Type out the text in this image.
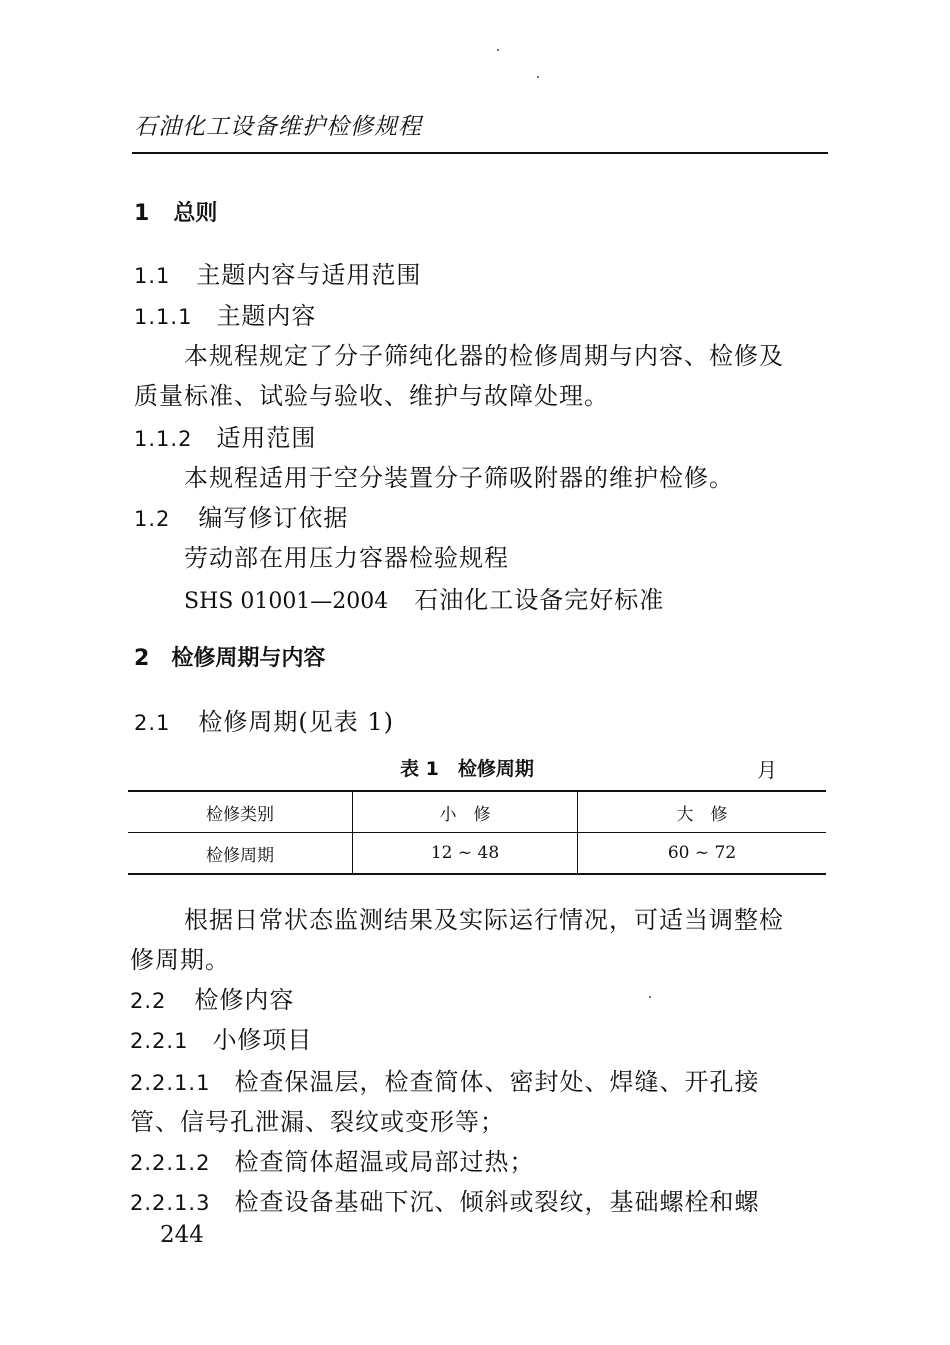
石油化工设备维护检修规程
1 总则
1.1 主题内容与适用范围
1.1.1 主题内容
本规程规定了分子筛纯化器的检修周期与内容、检修及
质量标准、试验与验收、维护与故障处理。
1.1.2 适用范围
本规程适用于空分装置分子筛吸附器的维护检修。
1.2 编写修订依据
劳动部在用压力容器检验规程
SHS 01001—2004 石油化工设备完好标准
2 检修周期与内容
2.1 检修周期(见表 1)
表 1　检修周期	月
检修类别	小　修	大　修
检修周期	12 ~ 48	60 ~ 72
根据日常状态监测结果及实际运行情况，可适当调整检
修周期。
2.2 检修内容
2.2.1 小修项目
2.2.1.1 检查保温层，检查简体、密封处、焊缝、开孔接
管、信号孔泄漏、裂纹或变形等；
2.2.1.2 检查筒体超温或局部过热；
2.2.1.3 检查设备基础下沉、倾斜或裂纹，基础螺栓和螺
244
